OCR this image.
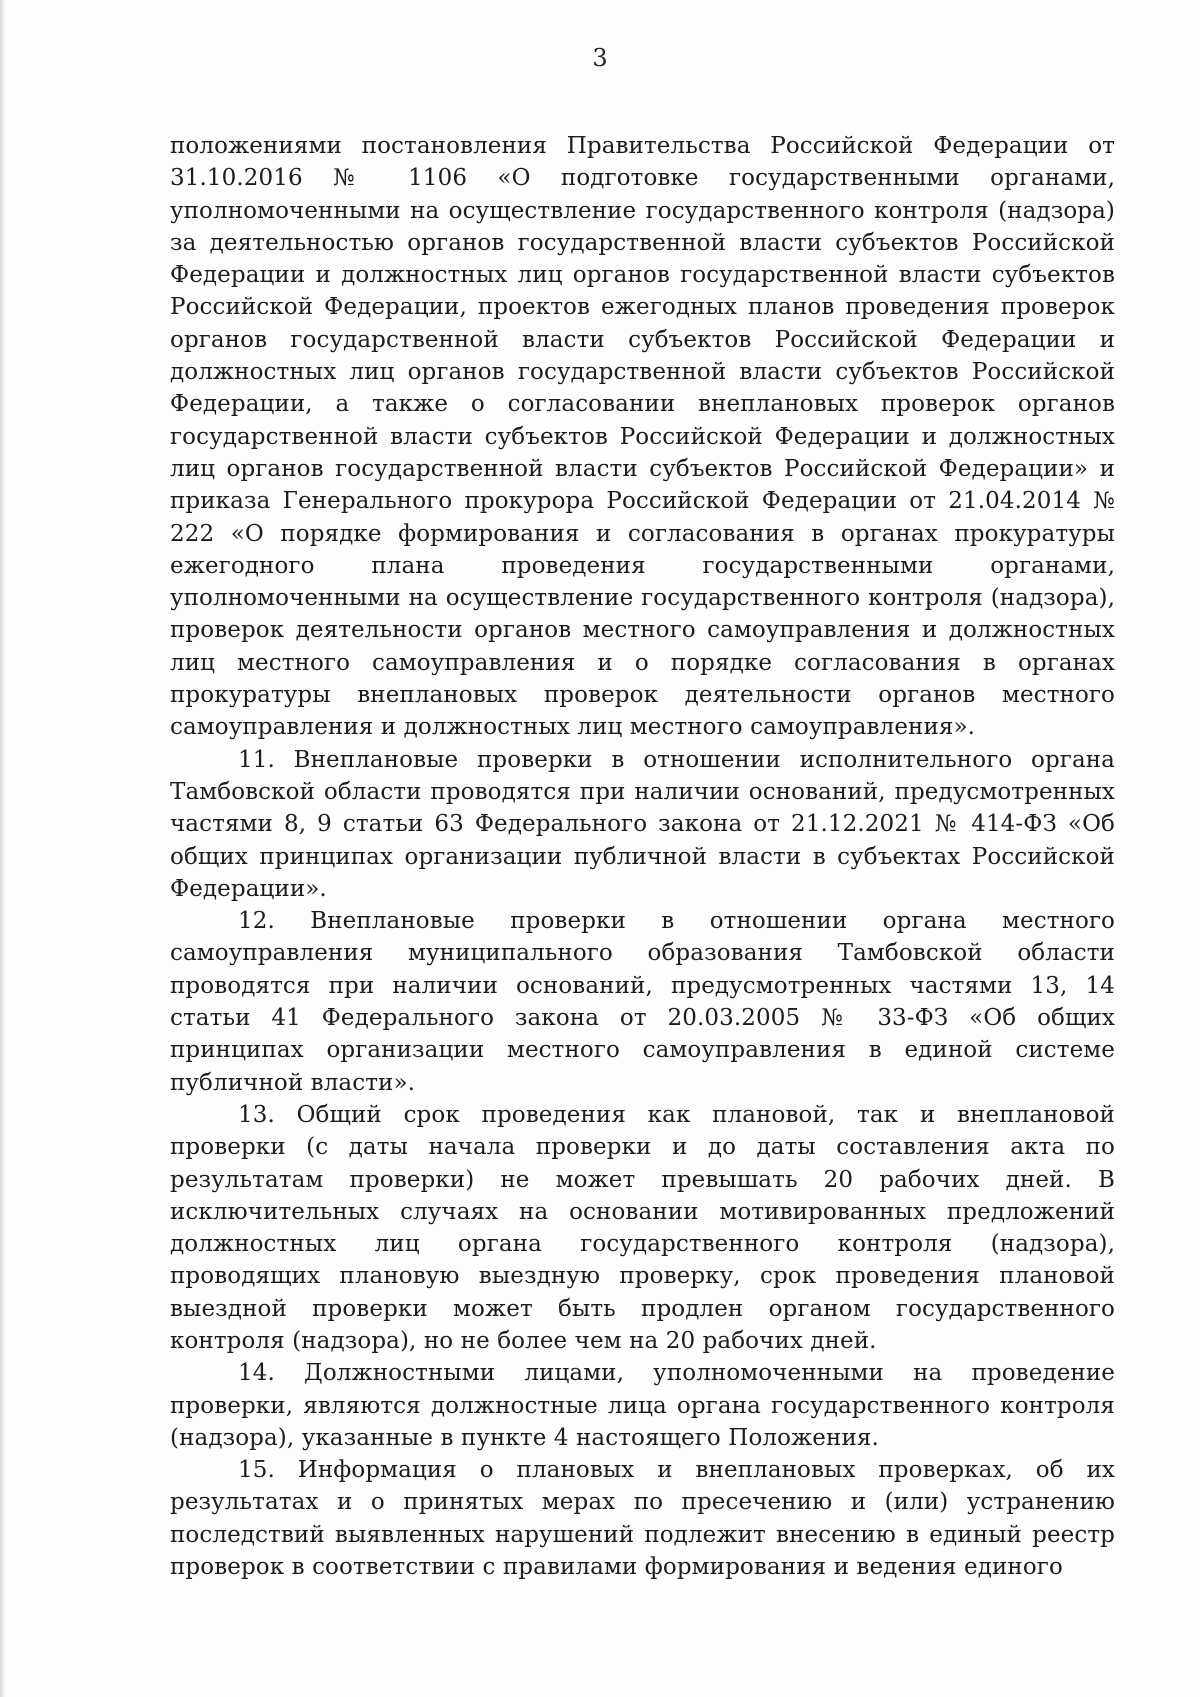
3

положениями постановления Правительства Российской Федерации от 31.10.2016 № 1106 «О подготовке государственными органами, уполномоченными на осуществление государственного контроля (надзора) за деятельностью органов государственной власти субъектов Российской Федерации и должностных лиц органов государственной власти субъектов Российской Федерации, проектов ежегодных планов проведения проверок органов государственной власти субъектов Российской Федерации и должностных лиц органов государственной власти субъектов Российской Федерации, а также о согласовании внеплановых проверок органов государственной власти субъектов Российской Федерации и должностных лиц органов государственной власти субъектов Российской Федерации» и приказа Генерального прокурора Российской Федерации от 21.04.2014 № 222 «О порядке формирования и согласования в органах прокуратуры ежегодного плана проведения государственными органами, уполномоченными на осуществление государственного контроля (надзора), проверок деятельности органов местного самоуправления и должностных лиц местного самоуправления и о порядке согласования в органах прокуратуры внеплановых проверок деятельности органов местного самоуправления и должностных лиц местного самоуправления».

11. Внеплановые проверки в отношении исполнительного органа Тамбовской области проводятся при наличии оснований, предусмотренных частями 8, 9 статьи 63 Федерального закона от 21.12.2021 № 414-ФЗ «Об общих принципах организации публичной власти в субъектах Российской Федерации».

12. Внеплановые проверки в отношении органа местного самоуправления муниципального образования Тамбовской области проводятся при наличии оснований, предусмотренных частями 13, 14 статьи 41 Федерального закона от 20.03.2005 № 33-ФЗ «Об общих принципах организации местного самоуправления в единой системе публичной власти».

13. Общий срок проведения как плановой, так и внеплановой проверки (с даты начала проверки и до даты составления акта по результатам проверки) не может превышать 20 рабочих дней. В исключительных случаях на основании мотивированных предложений должностных лиц органа государственного контроля (надзора), проводящих плановую выездную проверку, срок проведения плановой выездной проверки может быть продлен органом государственного контроля (надзора), но не более чем на 20 рабочих дней.

14. Должностными лицами, уполномоченными на проведение проверки, являются должностные лица органа государственного контроля (надзора), указанные в пункте 4 настоящего Положения.

15. Информация о плановых и внеплановых проверках, об их результатах и о принятых мерах по пресечению и (или) устранению последствий выявленных нарушений подлежит внесению в единый реестр проверок в соответствии с правилами формирования и ведения единого
